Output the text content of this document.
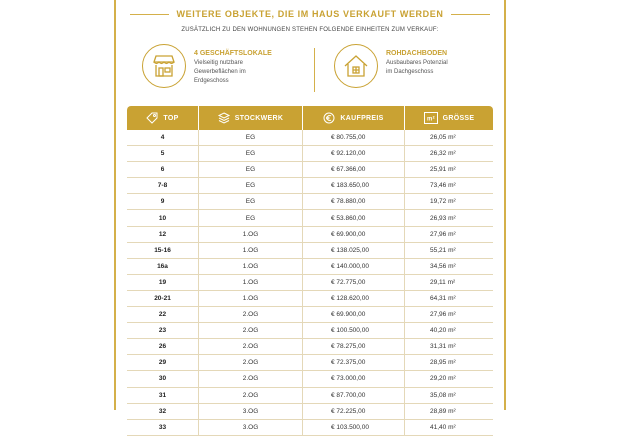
WEITERE OBJEKTE, DIE IM HAUS VERKAUFT WERDEN
ZUSÄTZLICH ZU DEN WOHNUNGEN STEHEN FOLGENDE EINHEITEN ZUM VERKAUF:
4 GESCHÄFTSLOKALE
Vielseitig nutzbare
Gewerbeflächen im
Erdgeschoss
ROHDACHBODEN
Ausbaubares Potenzial
im Dachgeschoss
TOP	STOCKWERK	KAUFPREIS	m² GRÖSSE
4	EG	€ 80.755,00	26,05 m²
5	EG	€ 92.120,00	26,32 m²
6	EG	€ 67.366,00	25,91 m²
7-8	EG	€ 183.650,00	73,46 m²
9	EG	€ 78.880,00	19,72 m²
10	EG	€ 53.860,00	26,93 m²
12	1.OG	€ 69.900,00	27,96 m²
15-16	1.OG	€ 138.025,00	55,21 m²
16a	1.OG	€ 140.000,00	34,56 m²
19	1.OG	€ 72.775,00	29,11 m²
20-21	1.OG	€ 128.620,00	64,31 m²
22	2.OG	€ 69.900,00	27,96 m²
23	2.OG	€ 100.500,00	40,20 m²
26	2.OG	€ 78.275,00	31,31 m²
29	2.OG	€ 72.375,00	28,95 m²
30	2.OG	€ 73.000,00	29,20 m²
31	2.OG	€ 87.700,00	35,08 m²
32	3.OG	€ 72.225,00	28,89 m²
33	3.OG	€ 103.500,00	41,40 m²
